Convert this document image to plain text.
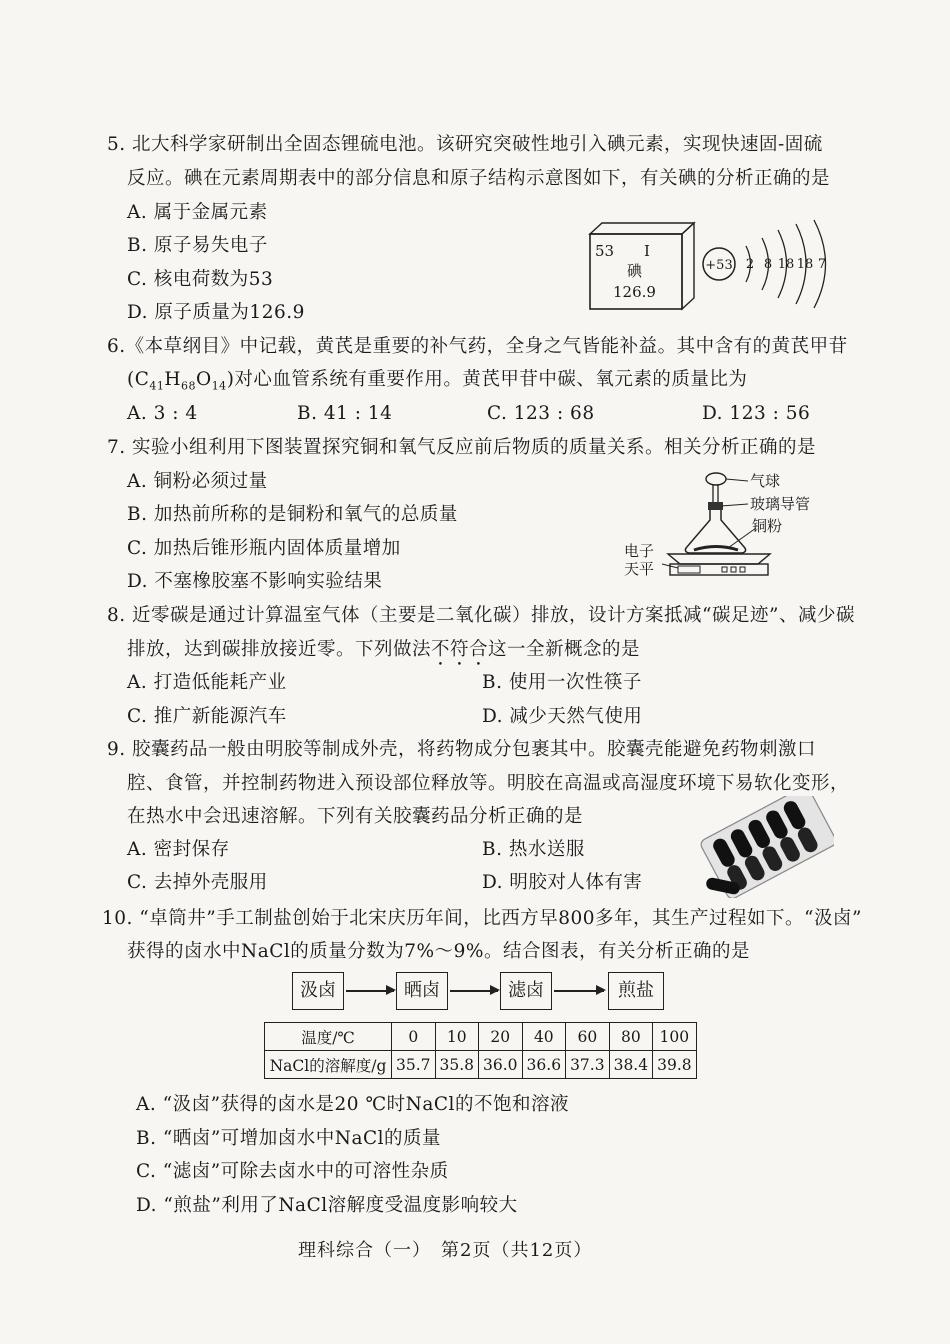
5. 北大科学家研制出全固态锂硫电池。该研究突破性地引入碘元素，实现快速固-固硫
反应。碘在元素周期表中的部分信息和原子结构示意图如下，有关碘的分析正确的是
A. 属于金属元素
B. 原子易失电子
C. 核电荷数为53
D. 原子质量为126.9
53 I
碘
126.9
+53 2 8 18 18 7
6.《本草纲目》中记载，黄芪是重要的补气药，全身之气皆能补益。其中含有的黄芪甲苷
$(C_{41}H_{68}O_{14})$对心血管系统有重要作用。黄芪甲苷中碳、氧元素的质量比为
A. 3 : 4	B. 41 : 14	C. 123 : 68	D. 123 : 56
7. 实验小组利用下图装置探究铜和氧气反应前后物质的质量关系。相关分析正确的是
A. 铜粉必须过量
B. 加热前所称的是铜粉和氧气的总质量
C. 加热后锥形瓶内固体质量增加
D. 不塞橡胶塞不影响实验结果
气球
玻璃导管
铜粉
电子
天平
8. 近零碳是通过计算温室气体（主要是二氧化碳）排放，设计方案抵减“碳足迹”、减少碳
排放，达到碳排放接近零。下列做法不符合这一全新概念的是
A. 打造低能耗产业	B. 使用一次性筷子
C. 推广新能源汽车	D. 减少天然气使用
9. 胶囊药品一般由明胶等制成外壳，将药物成分包裹其中。胶囊壳能避免药物刺激口
腔、食管，并控制药物进入预设部位释放等。明胶在高温或高湿度环境下易软化变形，
在热水中会迅速溶解。下列有关胶囊药品分析正确的是
A. 密封保存	B. 热水送服
C. 去掉外壳服用	D. 明胶对人体有害
10. “卓筒井”手工制盐创始于北宋庆历年间，比西方早800多年，其生产过程如下。“汲卤”
获得的卤水中NaCl的质量分数为7%～9%。结合图表，有关分析正确的是
汲卤	晒卤	滤卤	煎盐
温度/℃	0	10	20	40	60	80	100
NaCl的溶解度/g	35.7	35.8	36.0	36.6	37.3	38.4	39.8
A. “汲卤”获得的卤水是20 ℃时NaCl的不饱和溶液
B. “晒卤”可增加卤水中NaCl的质量
C. “滤卤”可除去卤水中的可溶性杂质
D. “煎盐”利用了NaCl溶解度受温度影响较大
理科综合（一）　第2页（共12页）
